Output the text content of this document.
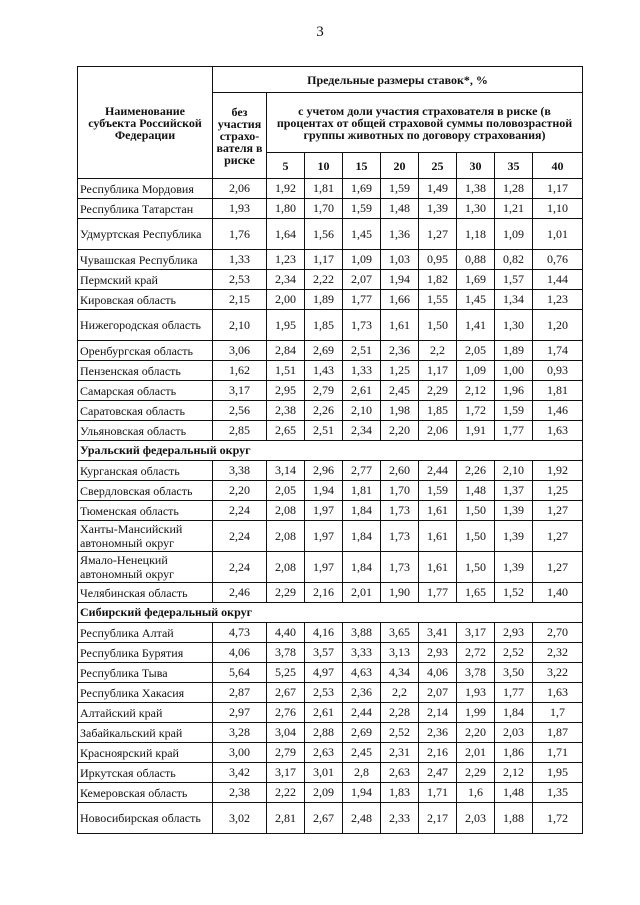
3
Наименование субъекта Российской Федерации	Предельные размеры ставок*, %								
	без участия страхо-вателя в риске	с учетом доли участия страхователя в риске (в процентах от общей страховой суммы половозрастной группы животных по договору страхования)							
		5	10	15	20	25	30	35	40
Республика Мордовия	2,06	1,92	1,81	1,69	1,59	1,49	1,38	1,28	1,17
Республика Татарстан	1,93	1,80	1,70	1,59	1,48	1,39	1,30	1,21	1,10
Удмуртская Республика	1,76	1,64	1,56	1,45	1,36	1,27	1,18	1,09	1,01
Чувашская Республика	1,33	1,23	1,17	1,09	1,03	0,95	0,88	0,82	0,76
Пермский край	2,53	2,34	2,22	2,07	1,94	1,82	1,69	1,57	1,44
Кировская область	2,15	2,00	1,89	1,77	1,66	1,55	1,45	1,34	1,23
Нижегородская область	2,10	1,95	1,85	1,73	1,61	1,50	1,41	1,30	1,20
Оренбургская область	3,06	2,84	2,69	2,51	2,36	2,2	2,05	1,89	1,74
Пензенская область	1,62	1,51	1,43	1,33	1,25	1,17	1,09	1,00	0,93
Самарская область	3,17	2,95	2,79	2,61	2,45	2,29	2,12	1,96	1,81
Саратовская область	2,56	2,38	2,26	2,10	1,98	1,85	1,72	1,59	1,46
Ульяновская область	2,85	2,65	2,51	2,34	2,20	2,06	1,91	1,77	1,63
Уральский федеральный округ									
Курганская область	3,38	3,14	2,96	2,77	2,60	2,44	2,26	2,10	1,92
Свердловская область	2,20	2,05	1,94	1,81	1,70	1,59	1,48	1,37	1,25
Тюменская область	2,24	2,08	1,97	1,84	1,73	1,61	1,50	1,39	1,27
Ханты-Мансийский автономный округ	2,24	2,08	1,97	1,84	1,73	1,61	1,50	1,39	1,27
Ямало-Ненецкий автономный округ	2,24	2,08	1,97	1,84	1,73	1,61	1,50	1,39	1,27
Челябинская область	2,46	2,29	2,16	2,01	1,90	1,77	1,65	1,52	1,40
Сибирский федеральный округ									
Республика Алтай	4,73	4,40	4,16	3,88	3,65	3,41	3,17	2,93	2,70
Республика Бурятия	4,06	3,78	3,57	3,33	3,13	2,93	2,72	2,52	2,32
Республика Тыва	5,64	5,25	4,97	4,63	4,34	4,06	3,78	3,50	3,22
Республика Хакасия	2,87	2,67	2,53	2,36	2,2	2,07	1,93	1,77	1,63
Алтайский край	2,97	2,76	2,61	2,44	2,28	2,14	1,99	1,84	1,7
Забайкальский край	3,28	3,04	2,88	2,69	2,52	2,36	2,20	2,03	1,87
Красноярский край	3,00	2,79	2,63	2,45	2,31	2,16	2,01	1,86	1,71
Иркутская область	3,42	3,17	3,01	2,8	2,63	2,47	2,29	2,12	1,95
Кемеровская область	2,38	2,22	2,09	1,94	1,83	1,71	1,6	1,48	1,35
Новосибирская область	3,02	2,81	2,67	2,48	2,33	2,17	2,03	1,88	1,72
